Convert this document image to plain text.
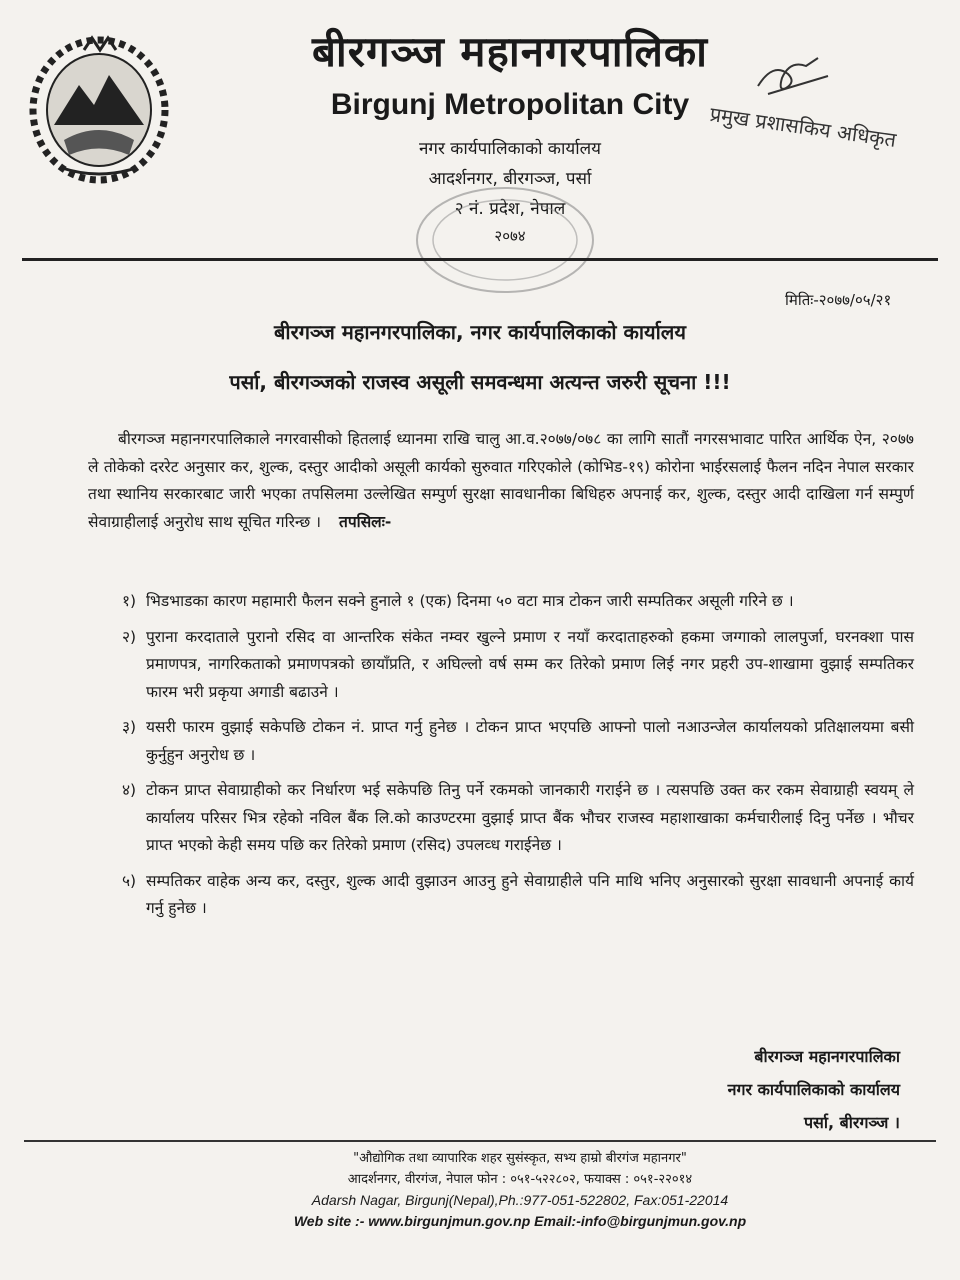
बीरगञ्ज महानगरपालिका
Birgunj Metropolitan City
नगर कार्यपालिकाको कार्यालय
आदर्शनगर, बीरगञ्ज, पर्सा
२ नं. प्रदेश, नेपाल
२०७४
प्रमुख प्रशासकिय अधिकृत
मितिः-२०७७/०५/२१
बीरगञ्ज महानगरपालिका, नगर कार्यपालिकाको कार्यालय
पर्सा, बीरगञ्जको राजस्व असूली समवन्धमा अत्यन्त जरुरी सूचना !!!
बीरगञ्ज महानगरपालिकाले नगरवासीको हितलाई ध्यानमा राखि चालु आ.व.२०७७/०७८ का लागि सातौं नगरसभावाट पारित आर्थिक ऐन, २०७७ ले तोकेको दररेट अनुसार कर, शुल्क, दस्तुर आदीको असूली कार्यको सुरुवात गरिएकोले (कोभिड-१९) कोरोना भाईरसलाई फैलन नदिन नेपाल सरकार तथा स्थानिय सरकारबाट जारी भएका तपसिलमा उल्लेखित सम्पुर्ण सुरक्षा सावधानीका बिधिहरु अपनाई कर, शुल्क, दस्तुर आदी दाखिला गर्न सम्पुर्ण सेवाग्राहीलाई अनुरोध साथ सूचित गरिन्छ । तपसिलः-
१) भिडभाडका कारण महामारी फैलन सक्ने हुनाले १ (एक) दिनमा ५० वटा मात्र टोकन जारी सम्पतिकर असूली गरिने छ ।
२) पुराना करदाताले पुरानो रसिद वा आन्तरिक संकेत नम्वर खुल्ने प्रमाण र नयाँ करदाताहरुको हकमा जग्गाको लालपुर्जा, घरनक्शा पास प्रमाणपत्र, नागरिकताको प्रमाणपत्रको छायाँप्रति, र अघिल्लो वर्ष सम्म कर तिरेको प्रमाण लिई नगर प्रहरी उप-शाखामा वुझाई सम्पतिकर फारम भरी प्रकृया अगाडी बढाउने ।
३) यसरी फारम वुझाई सकेपछि टोकन नं. प्राप्त गर्नु हुनेछ । टोकन प्राप्त भएपछि आफ्नो पालो नआउन्जेल कार्यालयको प्रतिक्षालयमा बसी कुर्नुहुन अनुरोध छ ।
४) टोकन प्राप्त सेवाग्राहीको कर निर्धारण भई सकेपछि तिनु पर्ने रकमको जानकारी गराईने छ । त्यसपछि उक्त कर रकम सेवाग्राही स्वयम् ले कार्यालय परिसर भित्र रहेको नविल बैंक लि.को काउण्टरमा वुझाई प्राप्त बैंक भौचर राजस्व महाशाखाका कर्मचारीलाई दिनु पर्नेछ । भौचर प्राप्त भएको केही समय पछि कर तिरेको प्रमाण (रसिद) उपलव्ध गराईनेछ ।
५) सम्पतिकर वाहेक अन्य कर, दस्तुर, शुल्क आदी वुझाउन आउनु हुने सेवाग्राहीले पनि माथि भनिए अनुसारको सुरक्षा सावधानी अपनाई कार्य गर्नु हुनेछ ।
बीरगञ्ज महानगरपालिका
नगर कार्यपालिकाको कार्यालय
पर्सा, बीरगञ्ज ।
"औद्योगिक तथा व्यापारिक शहर सुसंस्कृत, सभ्य हाम्रो बीरगंज महानगर"
आदर्शनगर, वीरगंज, नेपाल फोन : ०५१-५२२८०२, फयाक्स : ०५१-२२०१४
Adarsh Nagar, Birgunj(Nepal),Ph.:977-051-522802, Fax:051-22014
Web site :- www.birgunjmun.gov.np Email:-info@birgunjmun.gov.np
